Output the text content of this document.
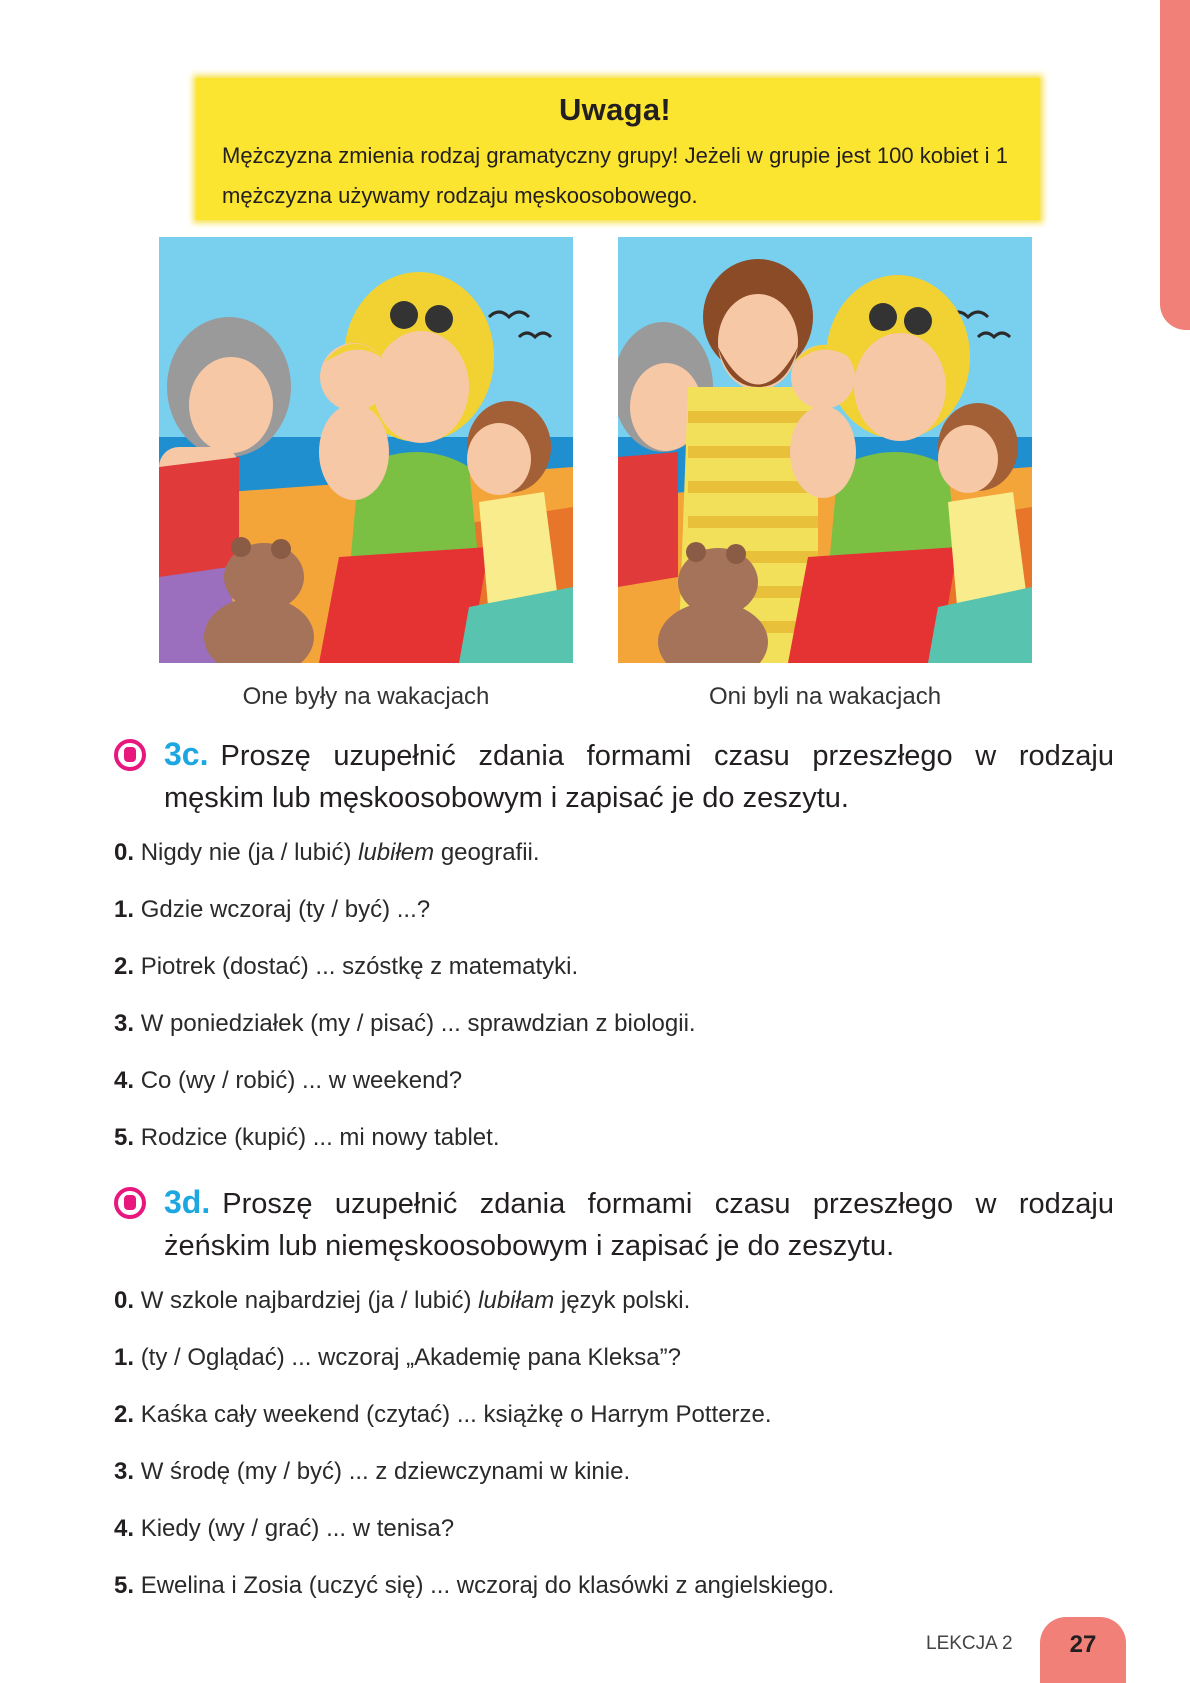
Uwaga!
Mężczyzna zmienia rodzaj gramatyczny grupy! Jeżeli w grupie jest 100 kobiet i 1 mężczyzna używamy rodzaju męskoosobowego.
One były na wakacjach	Oni byli na wakacjach
3c. Proszę uzupełnić zdania formami czasu przeszłego w rodzaju męskim lub męskoosobowym i zapisać je do zeszytu.
0. Nigdy nie (ja / lubić) lubiłem geografii.
1. Gdzie wczoraj (ty / być) ...?
2. Piotrek (dostać) ... szóstkę z matematyki.
3. W poniedziałek (my / pisać) ... sprawdzian z biologii.
4. Co (wy / robić) ... w weekend?
5. Rodzice (kupić) ... mi nowy tablet.
3d. Proszę uzupełnić zdania formami czasu przeszłego w rodzaju żeńskim lub niemęskoosobowym i zapisać je do zeszytu.
0. W szkole najbardziej (ja / lubić) lubiłam język polski.
1. (ty / Oglądać) ... wczoraj „Akademię pana Kleksa”?
2. Kaśka cały weekend (czytać) ... książkę o Harrym Potterze.
3. W środę (my / być) ... z dziewczynami w kinie.
4. Kiedy (wy / grać) ... w tenisa?
5. Ewelina i Zosia (uczyć się) ... wczoraj do klasówki z angielskiego.
LEKCJA 2	27
